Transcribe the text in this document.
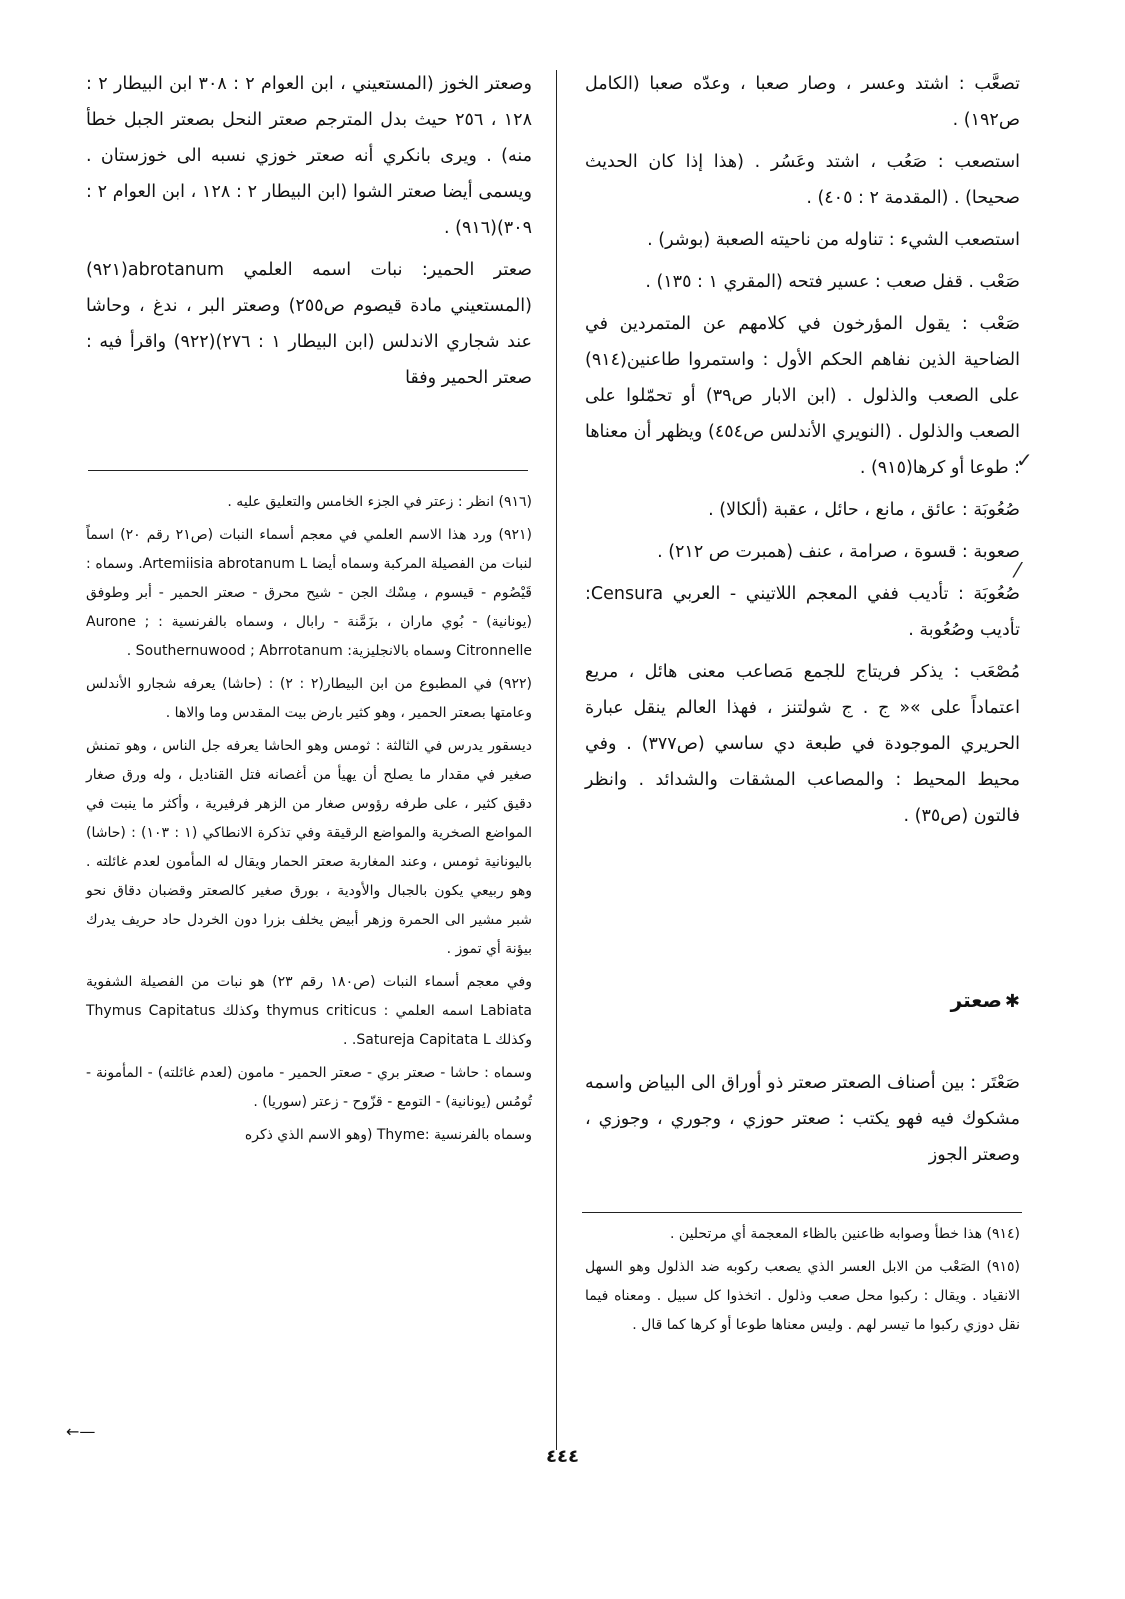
تصعَّب : اشتد وعسر ، وصار صعبا ، وعدّه صعبا (الكامل ص١٩٢) .

استصعب : صَعُب ، اشتد وعَسُر . (هذا إذا كان الحديث صحيحا) . (المقدمة ٢ : ٤٠٥) .

استصعب الشيء : تناوله من ناحيته الصعبة (بوشر) .

صَعْب . قفل صعب : عسير فتحه (المقري ١ : ١٣٥) .

صَعْب : يقول المؤرخون في كلامهم عن المتمردين في الضاحية الذين نفاهم الحكم الأول : واستمروا طاعنين(٩١٤) على الصعب والذلول . (ابن الابار ص٣٩) أو تحمّلوا على الصعب والذلول . (النويري الأندلس ص٤٥٤) ويظهر أن معناها : طوعا أو كرها(٩١٥) .

صُعُوبَة : عائق ، مانع ، حائل ، عقبة (ألكالا) .

صعوبة : قسوة ، صرامة ، عنف (همبرت ص ٢١٢) .

صُعُوبَة : تأديب ففي المعجم اللاتيني - العربي Censura: تأديب وصُعُوبة .

مُصْعَب : يذكر فريتاج للجمع مَصاعب معنى هائل ، مريع اعتماداً على »« ج . ج شولتنز ، فهذا العالم ينقل عبارة الحريري الموجودة في طبعة دي ساسي (ص٣٧٧) . وفي محيط المحيط : والمصاعب المشقات والشدائد . وانظر فالتون (ص٣٥) .

✱صعتر

صَعْتَر : بين أصناف الصعتر صعتر ذو أوراق الى البياض واسمه مشكوك فيه فهو يكتب : صعتر حوزي ، وجوري ، وجوزي ، وصعتر الجوز

(٩١٤) هذا خطأ وصوابه ظاعنين بالظاء المعجمة أي مرتحلين .

(٩١٥) الصَعْب من الابل العسر الذي يصعب ركوبه ضد الذلول وهو السهل الانقياد . ويقال : ركبوا محل صعب وذلول . اتخذوا كل سبيل . ومعناه فيما نقل دوزي ركبوا ما تيسر لهم . وليس معناها طوعا أو كرها كما قال .

وصعتر الخوز (المستعيني ، ابن العوام ٢ : ٣٠٨ ابن البيطار ٢ : ١٢٨ ، ٢٥٦ حيث بدل المترجم صعتر النحل بصعتر الجبل خطأ منه) . ويرى بانكري أنه صعتر خوزي نسبه الى خوزستان . ويسمى أيضا صعتر الشوا (ابن البيطار ٢ : ١٢٨ ، ابن العوام ٢ : ٣٠٩)(٩١٦) .

صعتر الحمير: نبات اسمه العلمي abrotanum(٩٢١) (المستعيني مادة قيصوم ص٢٥٥) وصعتر البر ، ندغ ، وحاشا عند شجاري الاندلس (ابن البيطار ١ : ٢٧٦)(٩٢٢) واقرأ فيه : صعتر الحمير وفقا

(٩١٦) انظر : زعتر في الجزء الخامس والتعليق عليه .

(٩٢١) ورد هذا الاسم العلمي في معجم أسماء النبات (ص٢١ رقم ٢٠) اسماً لنبات من الفصيلة المركبة وسماه أيضا Artemiisia abrotanum L. وسماه : قَيْصُوم - قيسوم ، مِسْك الجن - شيح محرق - صعتر الحمير - أبر وطوفق (يونانية) - بُوي ماران ، بزَمَّنة - رابال ، وسماه بالفرنسية : Aurone ; Citronnelle وسماه بالانجليزية: Southernuwood ; Abrrotanum .

(٩٢٢) في المطبوع من ابن البيطار(٢ : ٢) : (حاشا) يعرفه شجارو الأندلس وعامتها بصعتر الحمير ، وهو كثير بارض بيت المقدس وما والاها .

ديسقور يدرس في الثالثة : ثومس وهو الحاشا يعرفه جل الناس ، وهو تمنش صغير في مقدار ما يصلح أن يهيأ من أغصانه فتل القناديل ، وله ورق صغار دقيق كثير ، على طرفه رؤوس صغار من الزهر فرفيرية ، وأكثر ما ينبت في المواضع الصخرية والمواضع الرقيقة وفي تذكرة الانطاكي (١ : ١٠٣) : (حاشا) باليونانية ثومس ، وعند المغاربة صعتر الحمار ويقال له المأمون لعدم غائلته . وهو ربيعي يكون بالجبال والأودية ، بورق صغير كالصعتر وقضبان دقاق نحو شبر مشير الى الحمرة وزهر أبيض يخلف بزرا دون الخردل حاد حريف يدرك بيؤنة أي تموز .

وفي معجم أسماء النبات (ص١٨٠ رقم ٢٣) هو نبات من الفصيلة الشفوية Labiata اسمه العلمي : thymus criticus وكذلك Thymus Capitatus وكذلك Satureja Capitata L. .

وسماه : حاشا - صعتر بري - صعتر الحمير - مامون (لعدم غائلته) - المأمونة - تُومُس (يونانية) - التومع - قزّوح - زعتر (سوريا) .

وسماه بالفرنسية :Thyme (وهو الاسم الذي ذكره

←—
✓
⁄
٤٤٤
